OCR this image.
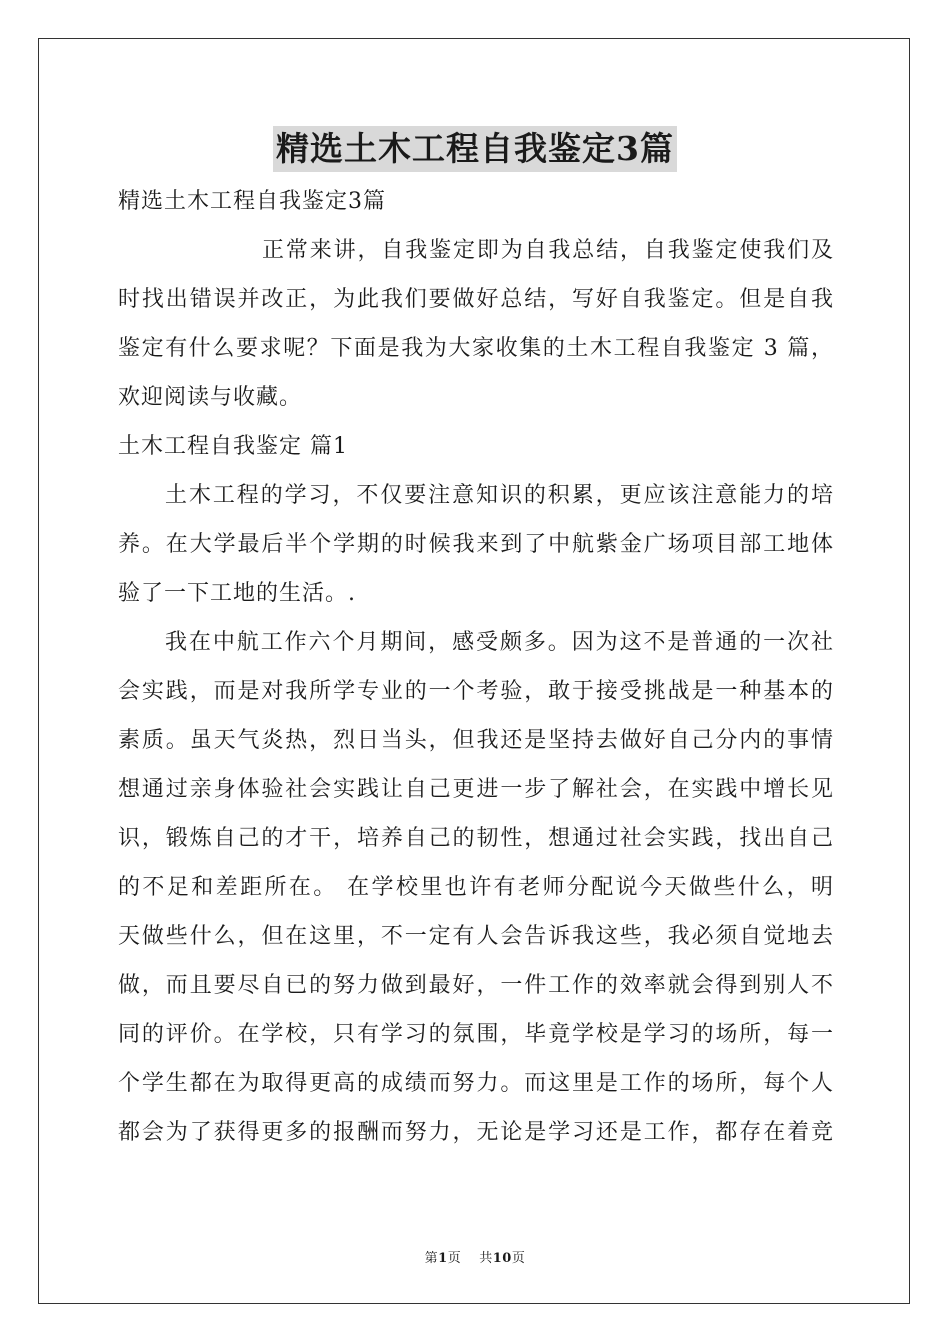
精选土木工程自我鉴定3篇
精选土木工程自我鉴定3篇
正常来讲，自我鉴定即为自我总结，自我鉴定使我们及
时找出错误并改正，为此我们要做好总结，写好自我鉴定。但是自我
鉴定有什么要求呢？下面是我为大家收集的土木工程自我鉴定 3 篇，
欢迎阅读与收藏。
土木工程自我鉴定 篇1
土木工程的学习，不仅要注意知识的积累，更应该注意能力的培
养。在大学最后半个学期的时候我来到了中航紫金广场项目部工地体
验了一下工地的生活。.
我在中航工作六个月期间，感受颇多。因为这不是普通的一次社
会实践，而是对我所学专业的一个考验，敢于接受挑战是一种基本的
素质。虽天气炎热，烈日当头，但我还是坚持去做好自己分内的事情
想通过亲身体验社会实践让自己更进一步了解社会，在实践中增长见
识，锻炼自己的才干，培养自己的韧性，想通过社会实践，找出自己
的不足和差距所在。 在学校里也许有老师分配说今天做些什么，明
天做些什么，但在这里，不一定有人会告诉我这些，我必须自觉地去
做，而且要尽自已的努力做到最好，一件工作的效率就会得到别人不
同的评价。在学校，只有学习的氛围，毕竟学校是学习的场所，每一
个学生都在为取得更高的成绩而努力。而这里是工作的场所，每个人
都会为了获得更多的报酬而努力，无论是学习还是工作，都存在着竞
第1页 共10页
